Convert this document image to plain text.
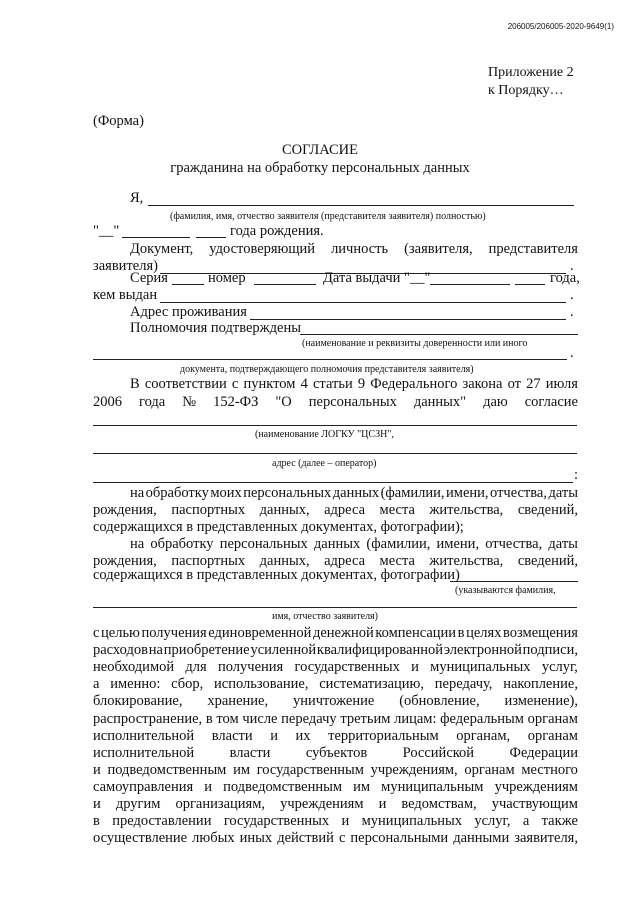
206005/206005-2020-9649(1)
Приложение 2
к Порядку…
(Форма)
СОГЛАСИЕ
гражданина на обработку персональных данных
Я,
(фамилия, имя, отчество заявителя (представителя заявителя) полностью)
"__"	года рождения.
Документ, удостоверяющий личность (заявителя, представителя
заявителя)	.
Серия	номер	Дата выдачи "__"	года,
кем выдан	.
Адрес проживания	.
Полномочия подтверждены
(наименование и реквизиты доверенности или иного
.
документа, подтверждающего полномочия представителя заявителя)
В соответствии с пунктом 4 статьи 9 Федерального закона от 27 июля
2006 года № 152-ФЗ "О персональных данных" даю согласие
(наименование ЛОГКУ "ЦСЗН",
адрес (далее – оператор)
:
на обработку моих персональных данных (фамилии, имени, отчества, даты
рождения, паспортных данных, адреса места жительства, сведений,
содержащихся в представленных документах, фотографии);
на обработку персональных данных (фамилии, имени, отчества, даты
рождения, паспортных данных, адреса места жительства, сведений,
содержащихся в представленных документах, фотографии)
(указываются фамилия,
имя, отчество заявителя)
с целью получения единовременной денежной компенсации в целях возмещения
расходов на приобретение усиленной квалифицированной электронной подписи,
необходимой для получения государственных и муниципальных услуг,
а именно: сбор, использование, систематизацию, передачу, накопление,
блокирование, хранение, уничтожение (обновление, изменение),
распространение, в том числе передачу третьим лицам: федеральным органам
исполнительной власти и их территориальным органам, органам
исполнительной власти субъектов Российской Федерации
и подведомственным им государственным учреждениям, органам местного
самоуправления и подведомственным им муниципальным учреждениям
и другим организациям, учреждениям и ведомствам, участвующим
в предоставлении государственных и муниципальных услуг, а также
осуществление любых иных действий с персональными данными заявителя,
